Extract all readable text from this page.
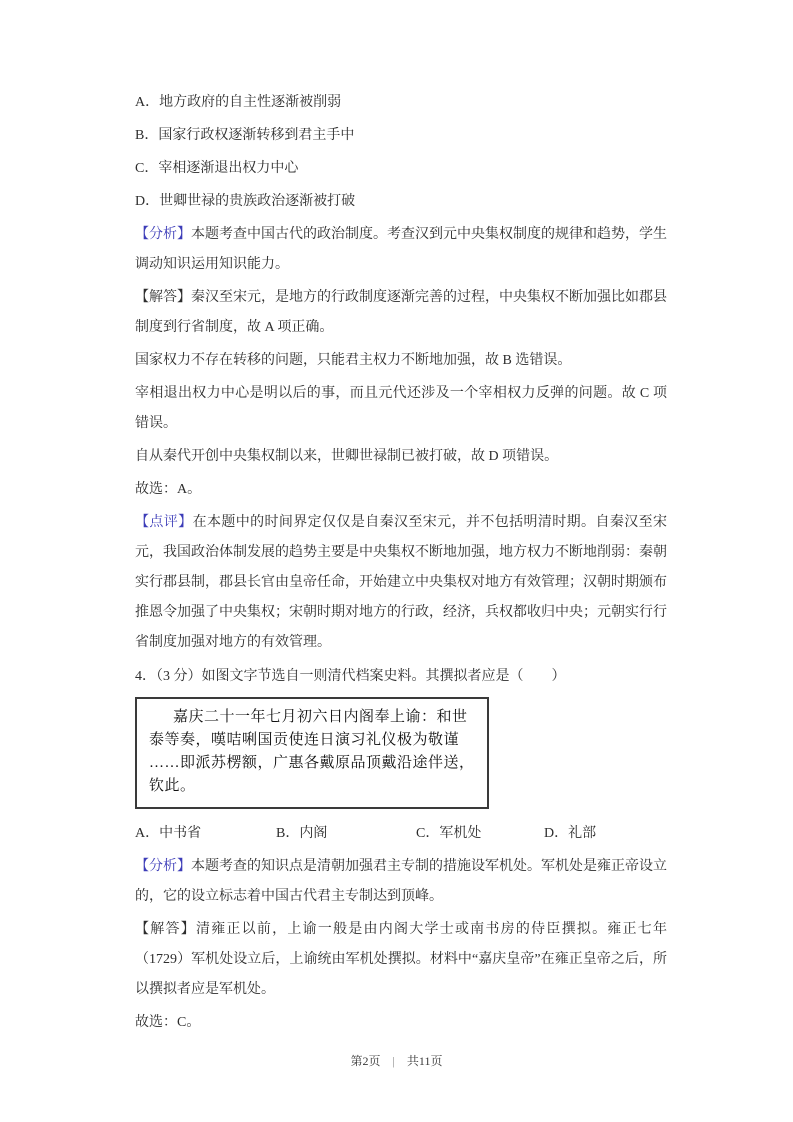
A．地方政府的自主性逐渐被削弱

B．国家行政权逐渐转移到君主手中

C．宰相逐渐退出权力中心

D．世卿世禄的贵族政治逐渐被打破

【分析】本题考查中国古代的政治制度。考查汉到元中央集权制度的规律和趋势，学生调动知识运用知识能力。

【解答】秦汉至宋元，是地方的行政制度逐渐完善的过程，中央集权不断加强比如郡县制度到行省制度，故 A 项正确。

国家权力不存在转移的问题，只能君主权力不断地加强，故 B 选错误。

宰相退出权力中心是明以后的事，而且元代还涉及一个宰相权力反弹的问题。故 C 项错误。

自从秦代开创中央集权制以来，世卿世禄制已被打破，故 D 项错误。

故选：A。

【点评】在本题中的时间界定仅仅是自秦汉至宋元，并不包括明清时期。自秦汉至宋元，我国政治体制发展的趋势主要是中央集权不断地加强，地方权力不断地削弱：秦朝实行郡县制，郡县长官由皇帝任命，开始建立中央集权对地方有效管理；汉朝时期颁布推恩令加强了中央集权；宋朝时期对地方的行政，经济，兵权都收归中央；元朝实行行省制度加强对地方的有效管理。

4．（3 分）如图文字节选自一则清代档案史料。其撰拟者应是（　　）

嘉庆二十一年七月初六日内阁奉上谕：和世
泰等奏，嘆咭唎国贡使连日演习礼仪极为敬谨
……即派苏楞额，广惠各戴原品顶戴沿途伴送，
钦此。

A．中书省	B．内阁	C．军机处	D．礼部

【分析】本题考查的知识点是清朝加强君主专制的措施设军机处。军机处是雍正帝设立的，它的设立标志着中国古代君主专制达到顶峰。

【解答】清雍正以前，上谕一般是由内阁大学士或南书房的侍臣撰拟。雍正七年（1729）军机处设立后，上谕统由军机处撰拟。材料中“嘉庆皇帝”在雍正皇帝之后，所以撰拟者应是军机处。

故选：C。

第2页 | 共11页
